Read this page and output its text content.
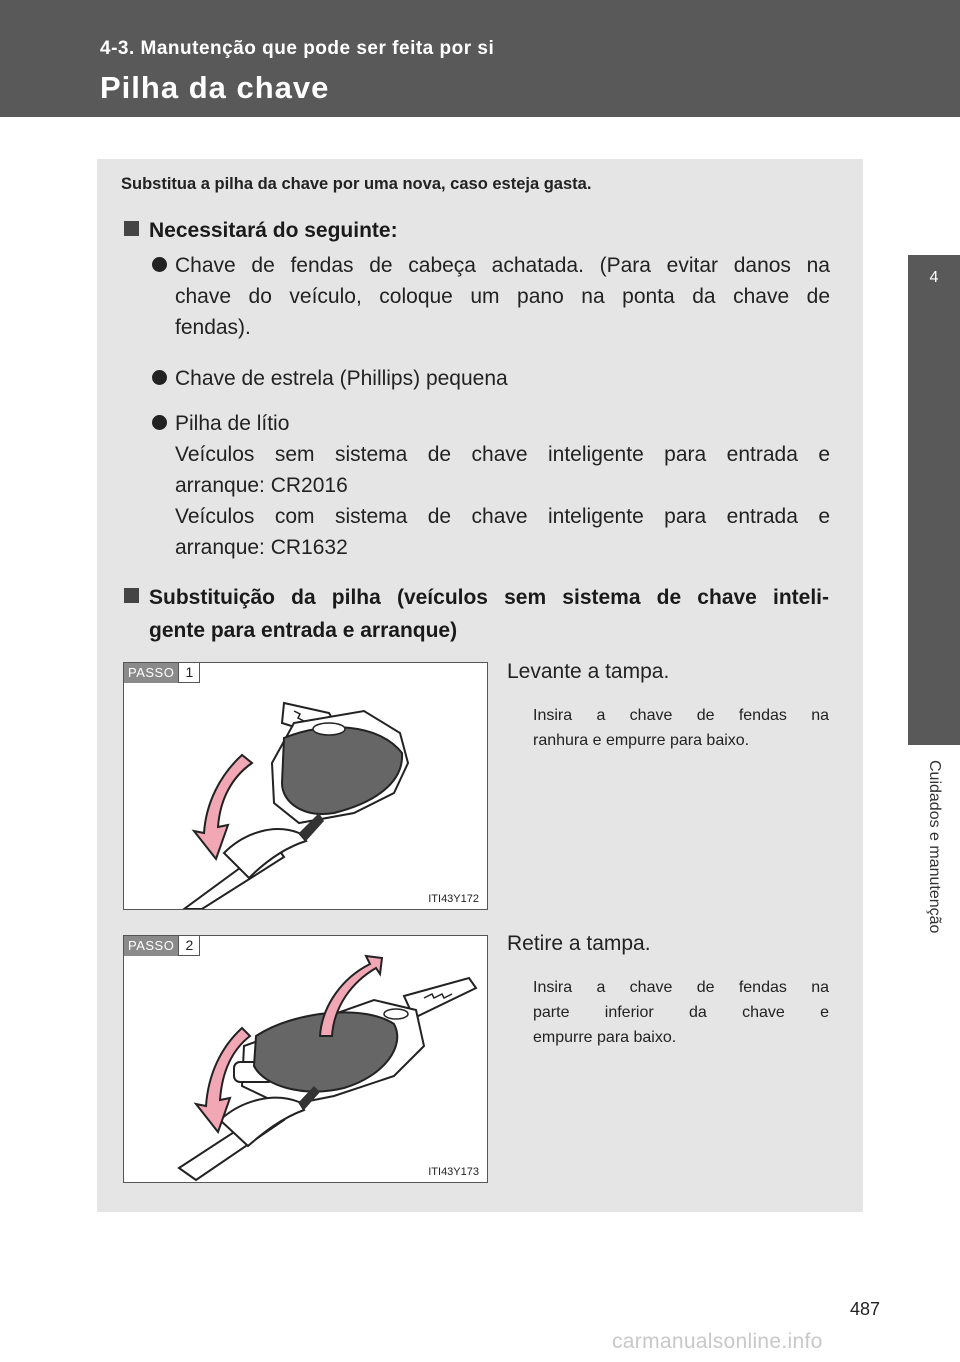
4-3. Manutenção que pode ser feita por si
Pilha da chave
4
Cuidados e manutenção
Substitua a pilha da chave por uma nova, caso esteja gasta.
Necessitará do seguinte:
Chave de fendas de cabeça achatada. (Para evitar danos na
chave do veículo, coloque um pano na ponta da chave de
fendas).
Chave de estrela (Phillips) pequena
Pilha de lítio
Veículos sem sistema de chave inteligente para entrada e
arranque: CR2016
Veículos com sistema de chave inteligente para entrada e
arranque: CR1632
Substituição da pilha (veículos sem sistema de chave inteli-
gente para entrada e arranque)
PASSO 1
ITI43Y172
Levante a tampa.
Insira a chave de fendas na
ranhura e empurre para baixo.
PASSO 2
ITI43Y173
Retire a tampa.
Insira a chave de fendas na
parte inferior da chave e
empurre para baixo.
487
carmanualsonline.info
